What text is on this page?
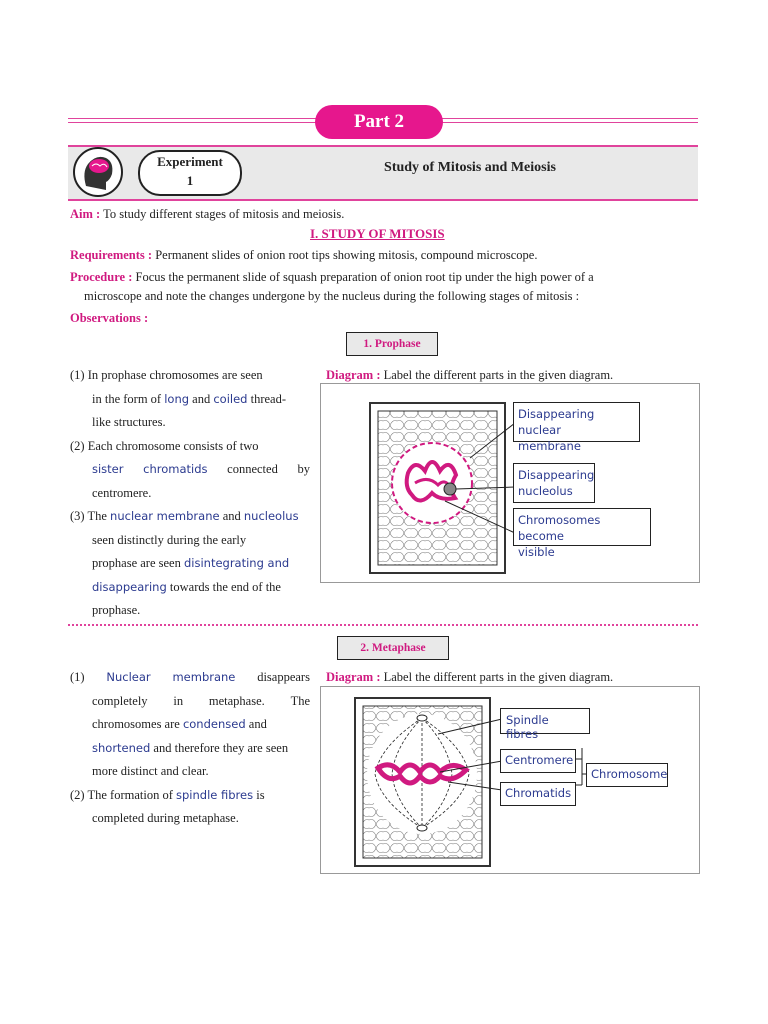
Part 2
Experiment
1
Study of Mitosis and Meiosis
Aim : To study different stages of mitosis and meiosis.
I. STUDY OF MITOSIS
Requirements : Permanent slides of onion root tips showing mitosis, compound microscope.
Procedure : Focus the permanent slide of squash preparation of onion root tip under the high power of a
microscope and note the changes undergone by the nucleus during the following stages of mitosis :
Observations :
1. Prophase
(1) In prophase chromosomes are seen
in the form of long and coiled thread-
like structures.
(2) Each chromosome consists of two
sister chromatids connected by
centromere.
(3) The nuclear membrane and nucleolus
seen distinctly during the early
prophase are seen disintegrating and
disappearing towards the end of the
prophase.
Diagram : Label the different parts in the given diagram.
Disappearing nuclear
membrane
Disappearing
nucleolus
Chromosomes become
visible
2. Metaphase
(1) Nuclear membrane disappears
completely in metaphase. The
chromosomes are condensed and
shortened and therefore they are seen
more distinct and clear.
(2) The formation of spindle fibres is
completed during metaphase.
Diagram : Label the different parts in the given diagram.
Spindle fibres
Centromere
Chromatids
Chromosome
